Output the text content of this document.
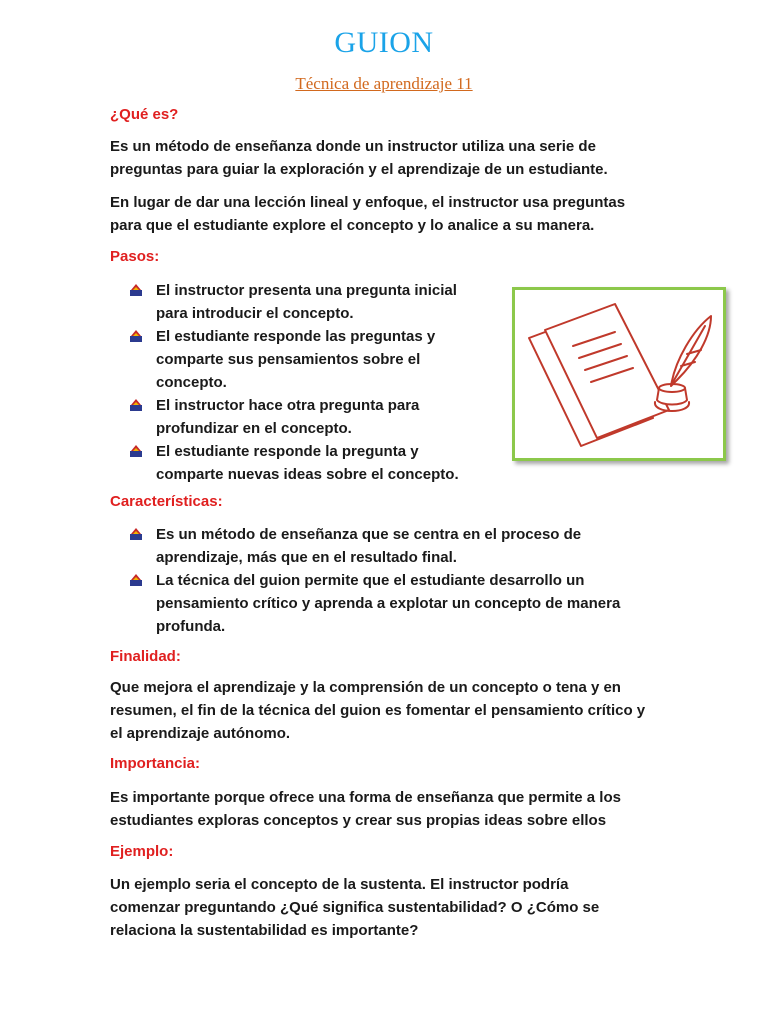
GUION
Técnica de aprendizaje 11
¿Qué es?
Es un método de enseñanza donde un instructor utiliza una serie de preguntas para guiar la exploración y el aprendizaje de un estudiante.
En lugar de dar una lección lineal y enfoque, el instructor usa preguntas para que el estudiante explore el concepto y lo analice a su manera.
Pasos:
El instructor presenta una pregunta inicial para introducir el concepto.
El estudiante responde las preguntas y comparte sus pensamientos sobre el concepto.
El instructor hace otra pregunta para profundizar en el concepto.
El estudiante responde la pregunta y comparte nuevas ideas sobre el concepto.
Características:
Es un método de enseñanza que se centra en el proceso de aprendizaje, más que en el resultado final.
La técnica del guion permite que el estudiante desarrollo un pensamiento crítico y aprenda a explotar un concepto de manera profunda.
Finalidad:
Que mejora el aprendizaje y la comprensión de un concepto o tena y en resumen, el fin de la técnica del guion es fomentar el pensamiento crítico y el aprendizaje autónomo.
Importancia:
Es importante porque ofrece una forma de enseñanza que permite a los estudiantes exploras conceptos y crear sus propias ideas sobre ellos
Ejemplo:
Un ejemplo seria el concepto de la sustenta. El instructor podría comenzar preguntando ¿Qué significa sustentabilidad? O ¿Cómo se relaciona la sustentabilidad es importante?
